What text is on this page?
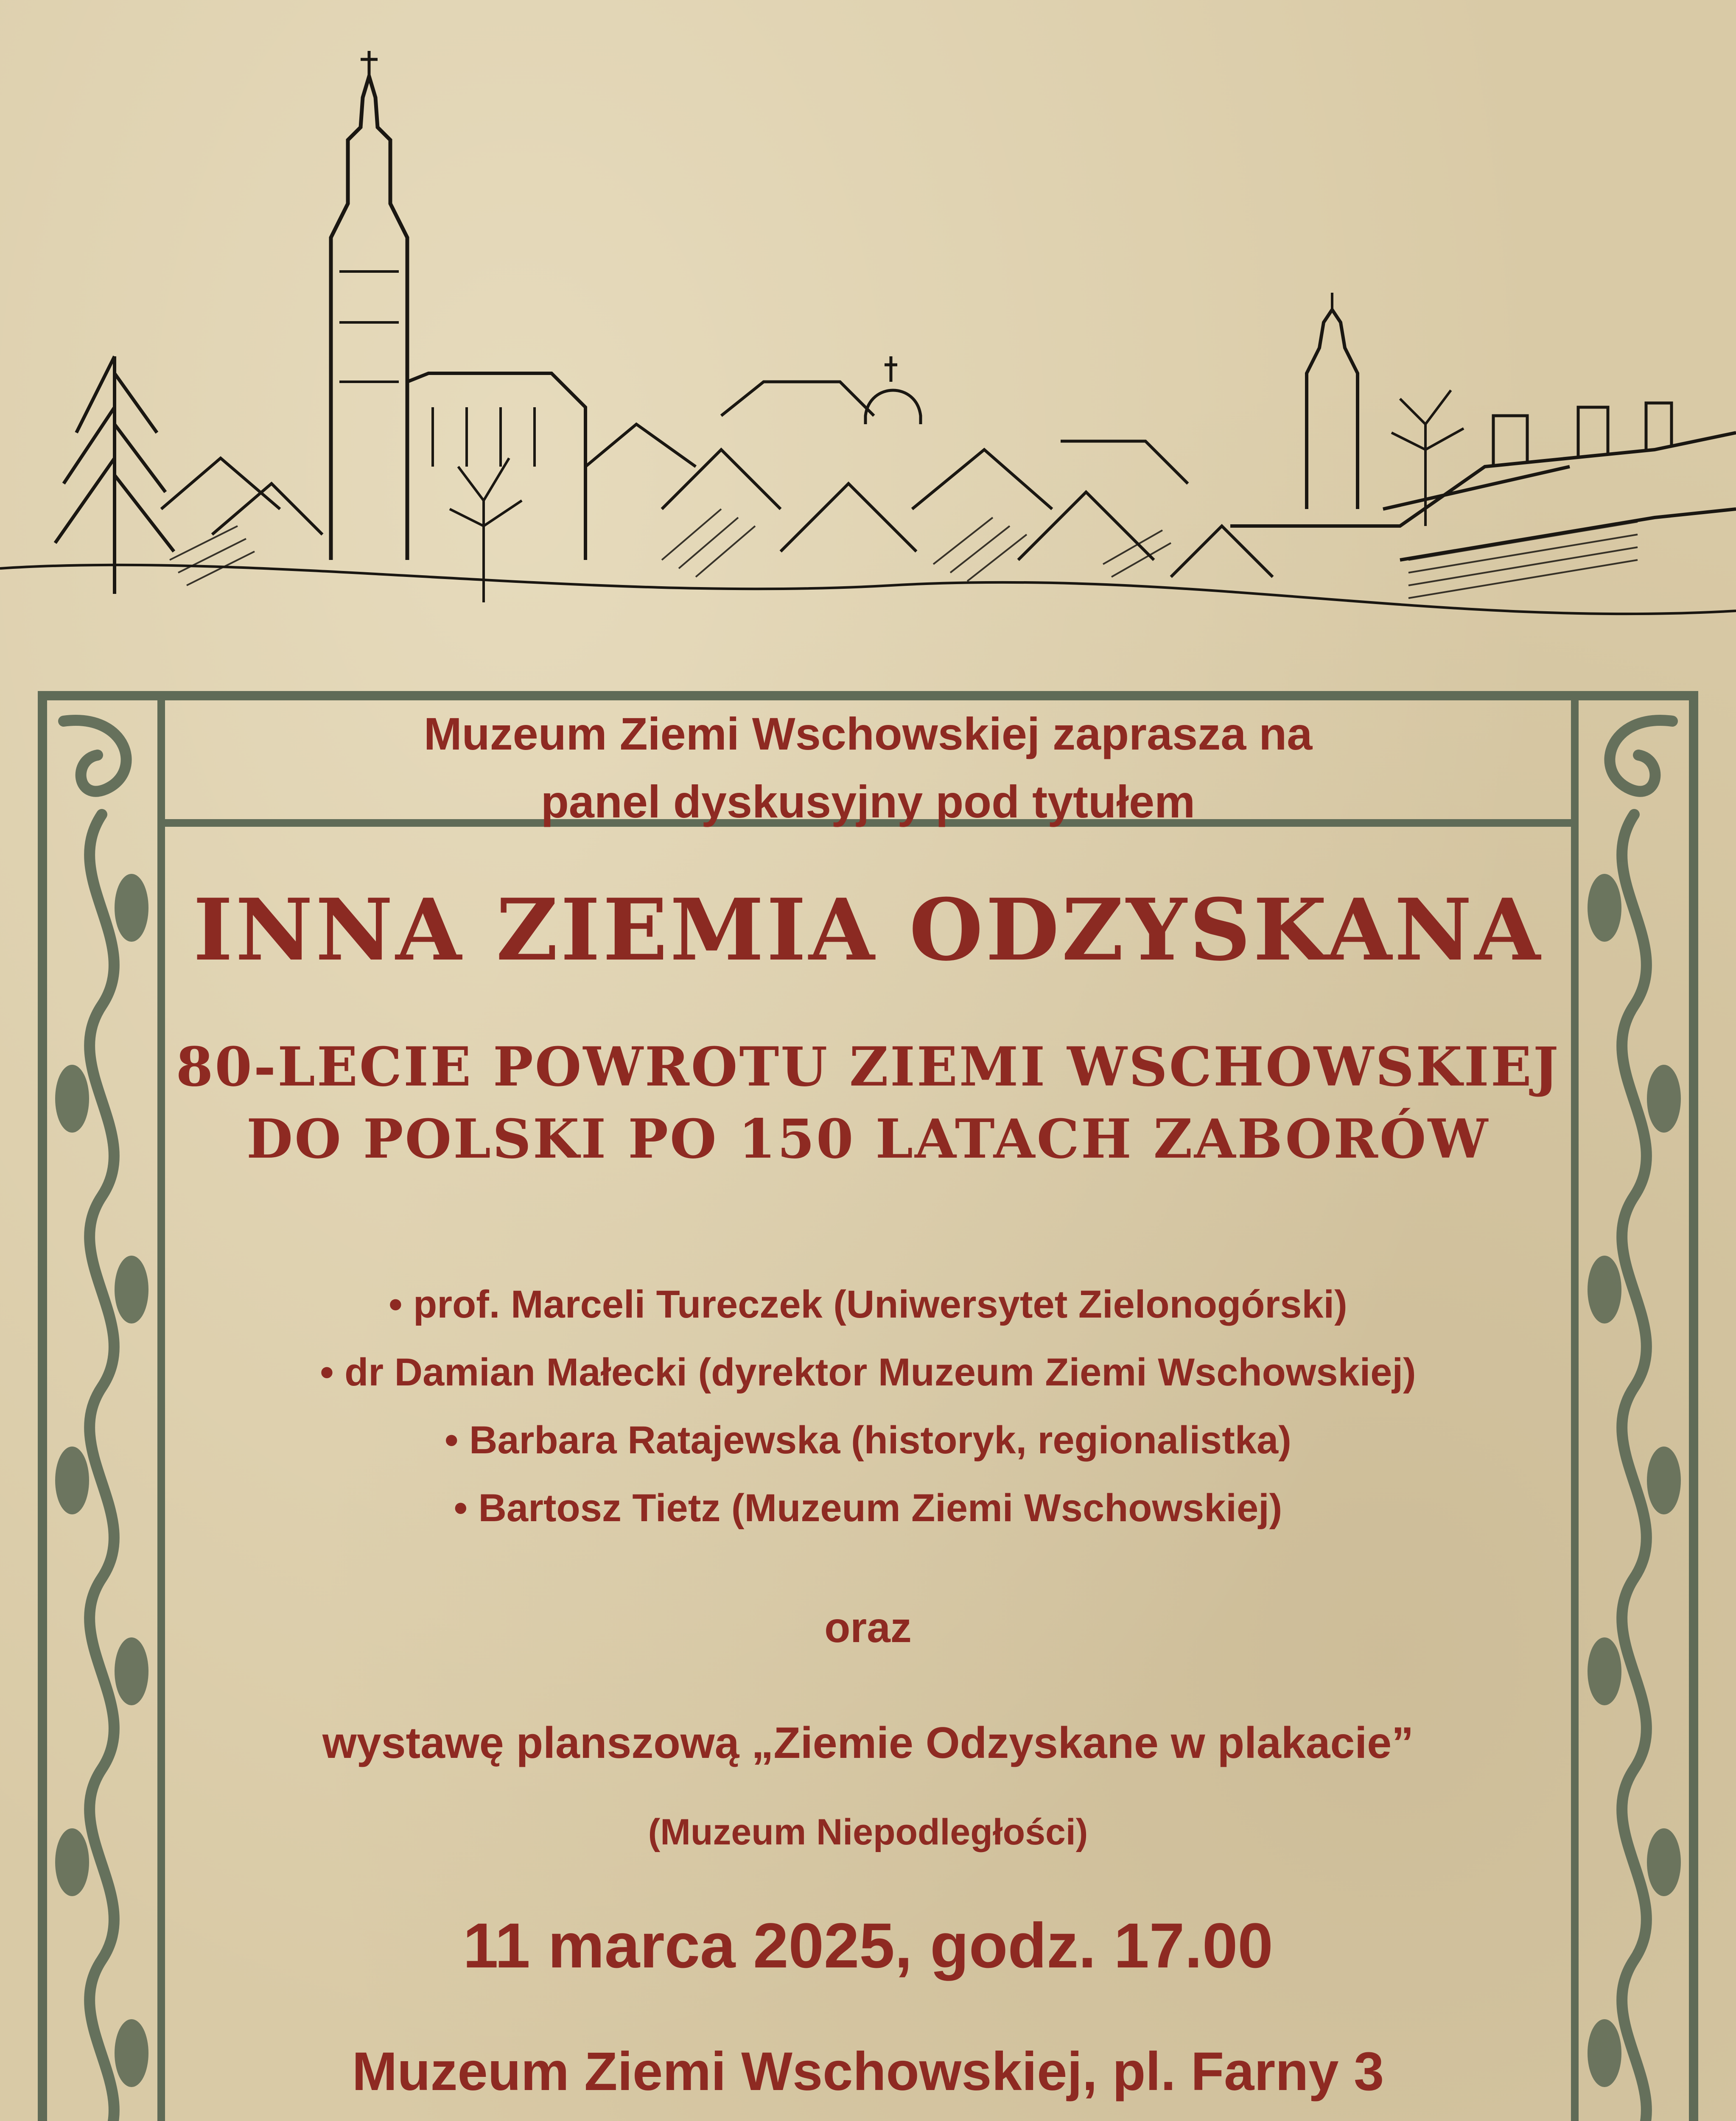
Muzeum Ziemi Wschowskiej zaprasza na

panel dyskusyjny pod tytułem

INNA ZIEMIA ODZYSKANA

80-LECIE POWROTU ZIEMI WSCHOWSKIEJ

DO POLSKI PO 150 LATACH ZABORÓW

• prof. Marceli Tureczek (Uniwersytet Zielonogórski)

• dr Damian Małecki (dyrektor Muzeum Ziemi Wschowskiej)

• Barbara Ratajewska (historyk, regionalistka)

• Bartosz Tietz (Muzeum Ziemi Wschowskiej)

oraz

wystawę planszową „Ziemie Odzyskane w plakacie”

(Muzeum Niepodległości)

11 marca 2025, godz. 17.00

Muzeum Ziemi Wschowskiej, pl. Farny 3
